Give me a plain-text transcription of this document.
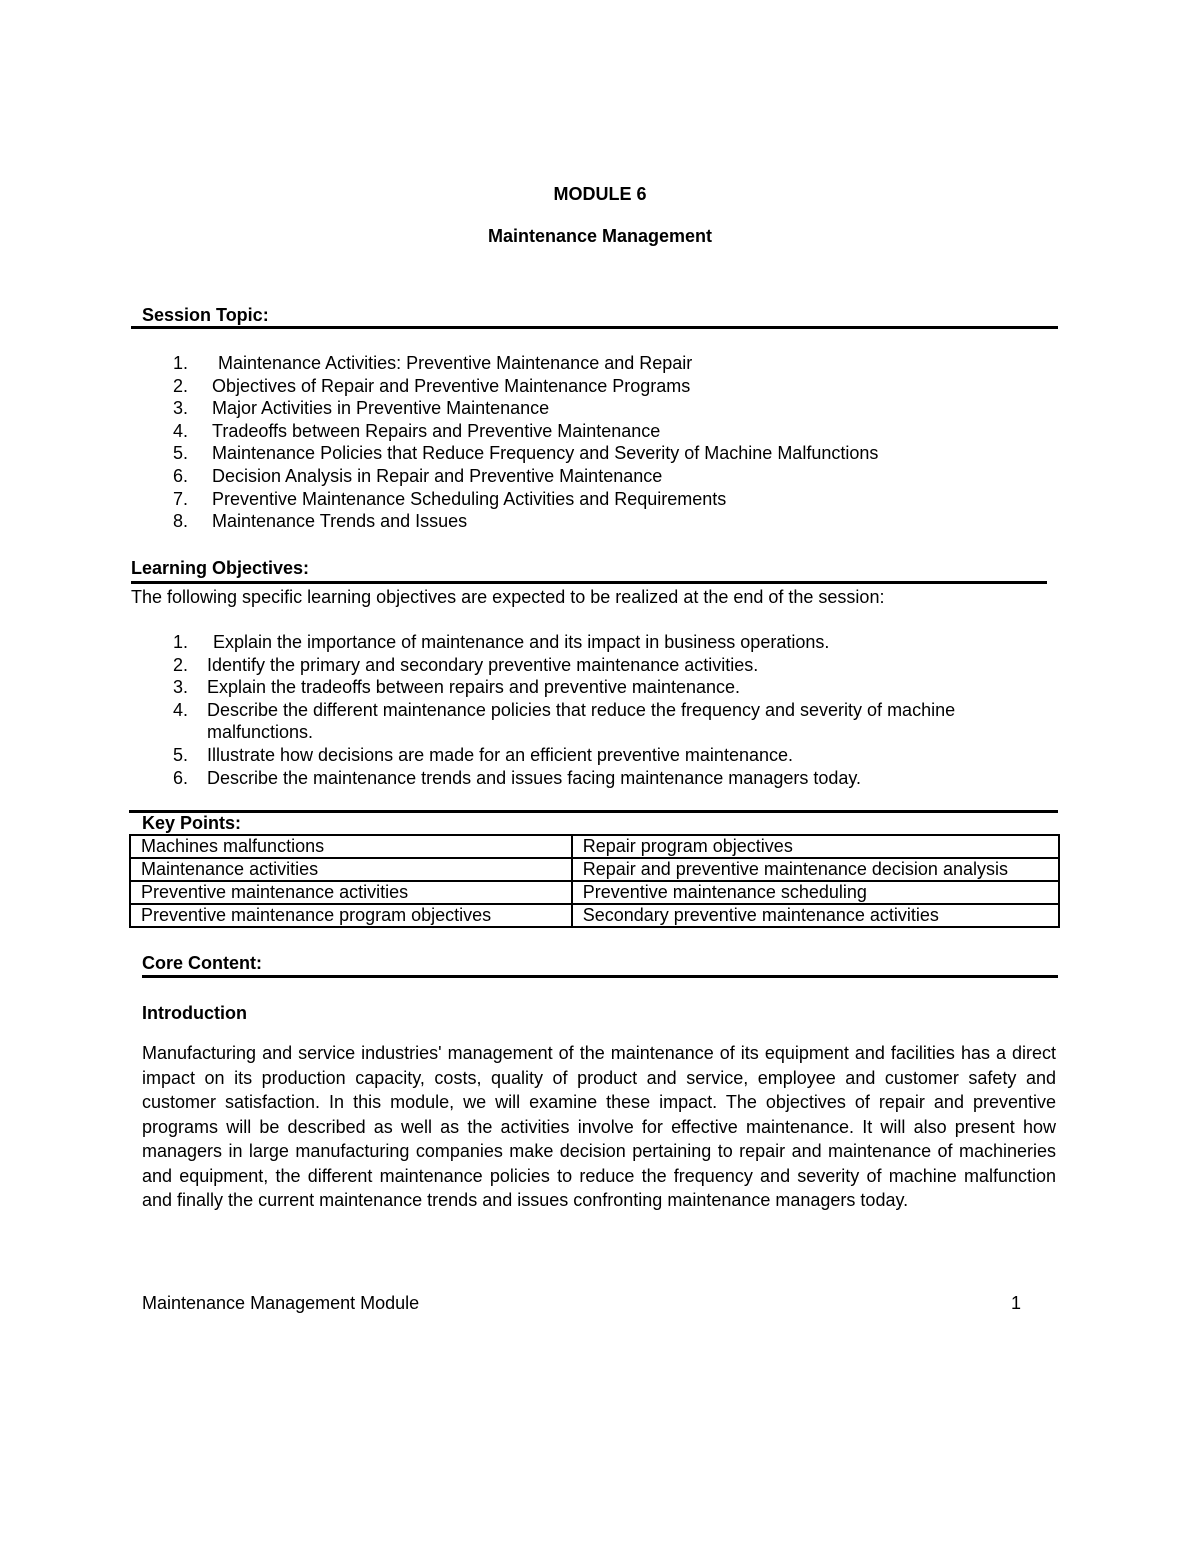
MODULE 6
Maintenance Management
Session Topic:
1.	Maintenance Activities: Preventive Maintenance and Repair
2.	Objectives of Repair and Preventive Maintenance Programs
3.	Major Activities in Preventive Maintenance
4.	Tradeoffs between Repairs and Preventive Maintenance
5.	Maintenance Policies that Reduce Frequency and Severity of Machine Malfunctions
6.	Decision Analysis in Repair and Preventive Maintenance
7.	Preventive Maintenance Scheduling Activities and Requirements
8.	Maintenance Trends and Issues
Learning Objectives:
The following specific learning objectives are expected to be realized at the end of the session:
1.	Explain the importance of maintenance and its impact in business operations.
2.	Identify the primary and secondary preventive maintenance activities.
3.	Explain the tradeoffs between repairs and preventive maintenance.
4.	Describe the different maintenance policies that reduce the frequency and severity of machine malfunctions.
5.	Illustrate how decisions are made for an efficient preventive maintenance.
6.	Describe the maintenance trends and issues facing maintenance managers today.
Key Points:
Machines malfunctions	Repair program objectives
Maintenance activities	Repair and preventive maintenance decision analysis
Preventive maintenance activities	Preventive maintenance scheduling
Preventive maintenance program objectives	Secondary preventive maintenance activities
Core Content:
Introduction
Manufacturing and service industries' management of the maintenance of its equipment and facilities has a direct impact on its production capacity, costs, quality of product and service, employee and customer safety and customer satisfaction. In this module, we will examine these impact. The objectives of repair and preventive programs will be described as well as the activities involve for effective maintenance. It will also present how managers in large manufacturing companies make decision pertaining to repair and maintenance of machineries and equipment, the different maintenance policies to reduce the frequency and severity of machine malfunction and finally the current maintenance trends and issues confronting maintenance managers today.
Maintenance Management Module	1
